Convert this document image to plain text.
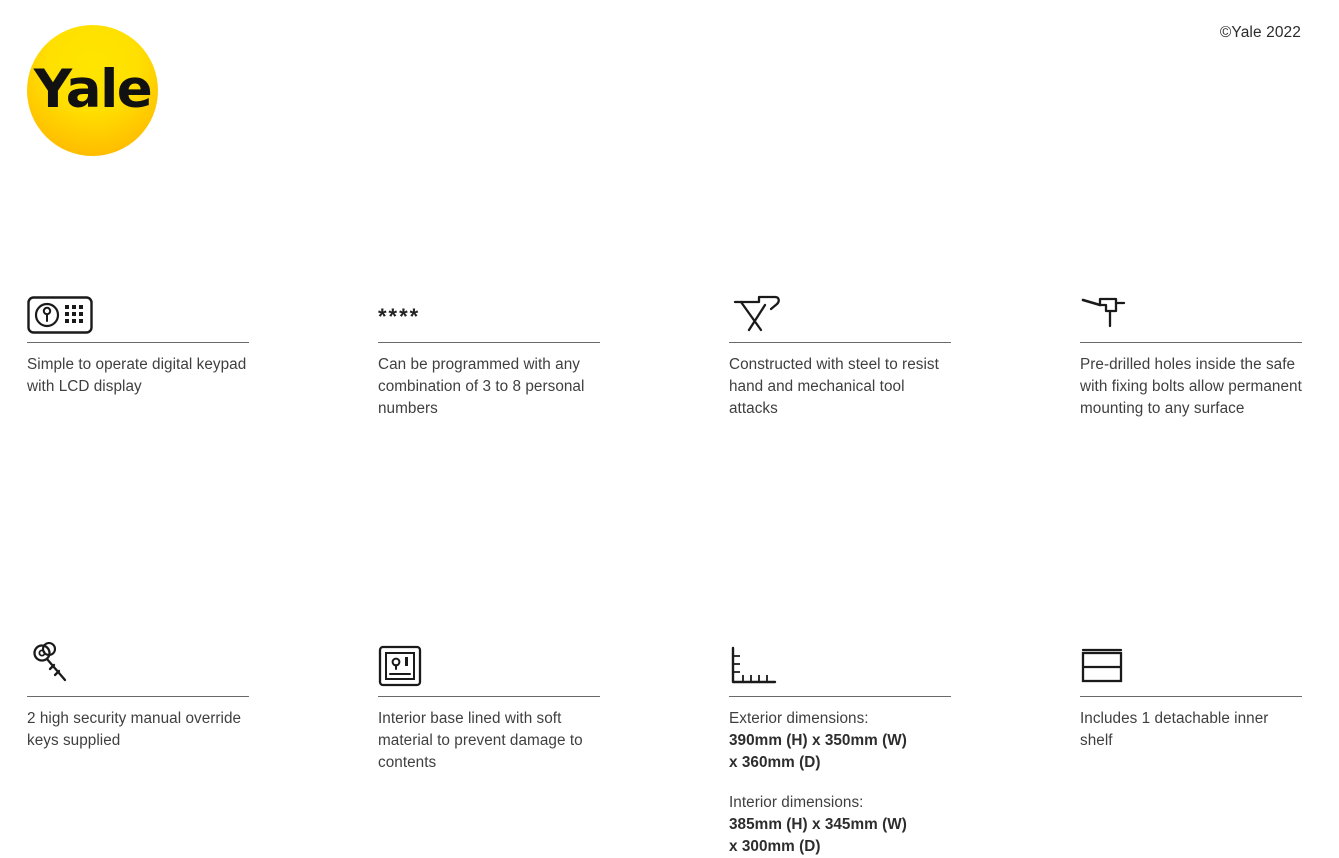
Yale
©Yale 2022
Simple to operate digital keypad with LCD display
****
Can be programmed with any combination of 3 to 8 personal numbers
Constructed with steel to resist hand and mechanical tool attacks
Pre-drilled holes inside the safe with fixing bolts allow permanent mounting to any surface
2 high security manual override keys supplied
Interior base lined with soft material to prevent damage to contents
Exterior dimensions:
390mm (H) x 350mm (W)
x 360mm (D)
Interior dimensions:
385mm (H) x 345mm (W)
x 300mm (D)
Includes 1 detachable inner shelf
